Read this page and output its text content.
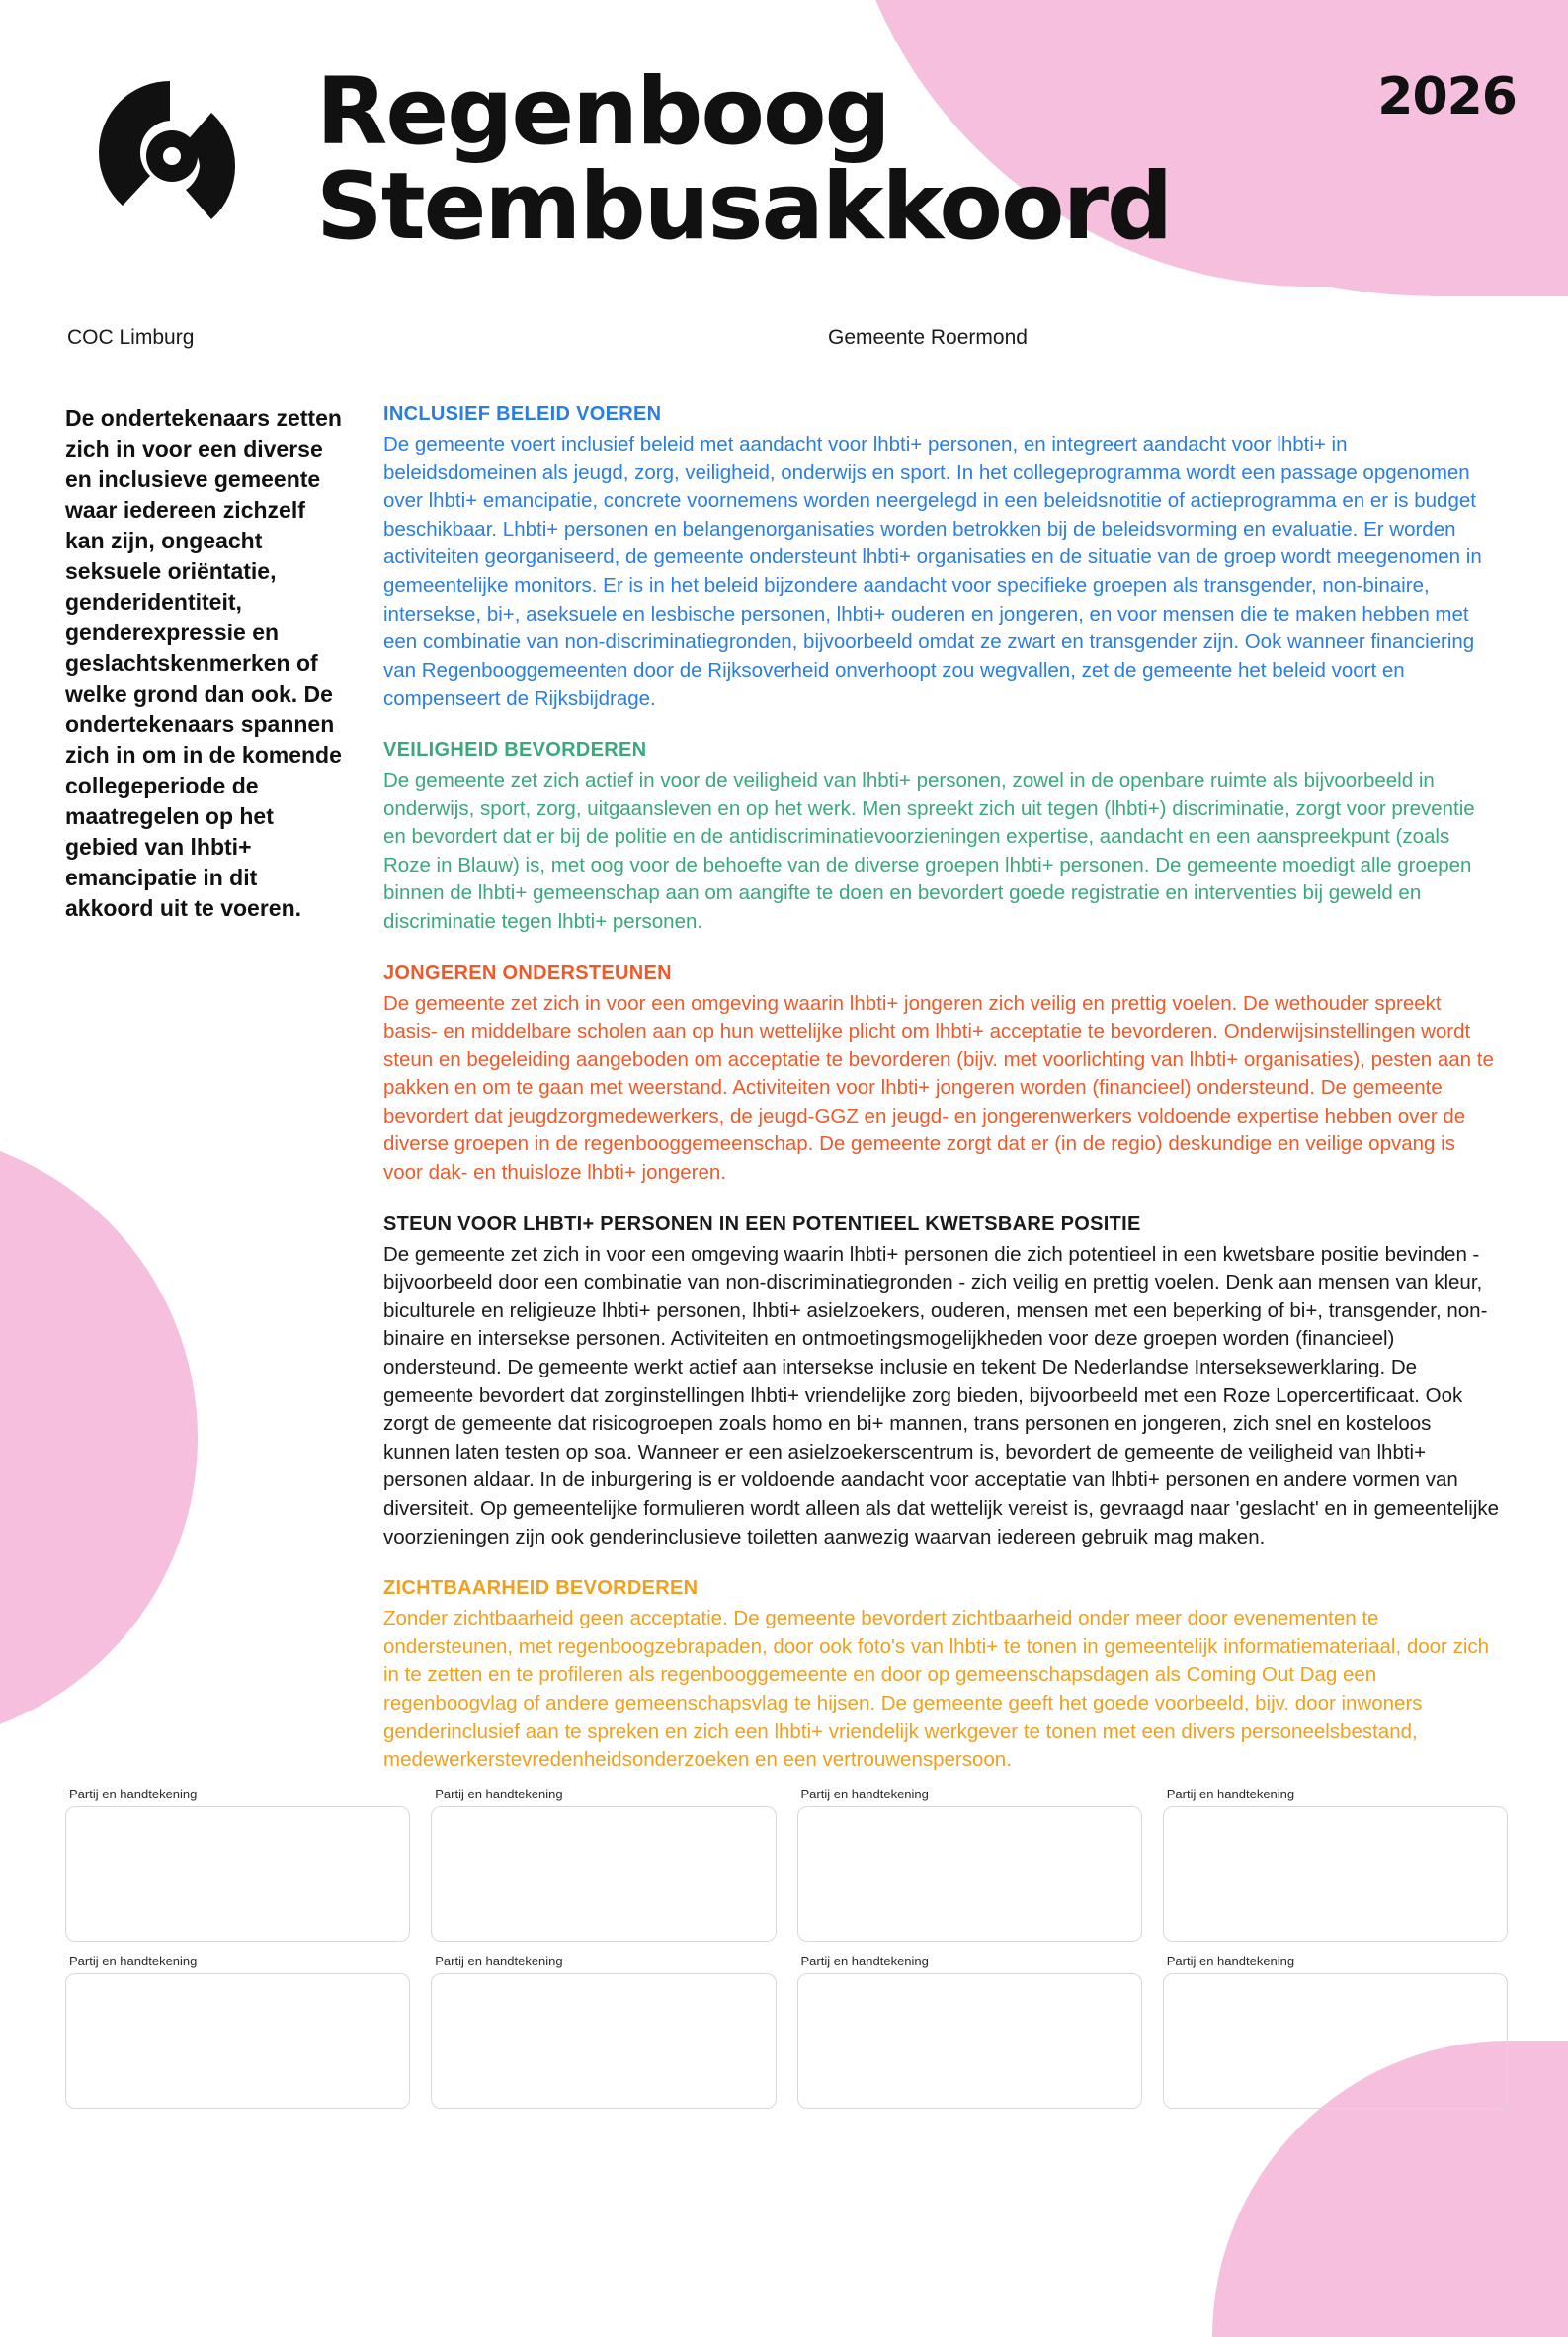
Regenboog
Stembusakkoord
2026
COC Limburg	Gemeente Roermond
De ondertekenaars zetten zich in voor een diverse en inclusieve gemeente waar iedereen zichzelf kan zijn, ongeacht seksuele oriëntatie, genderidentiteit, genderexpressie en geslachtskenmerken of welke grond dan ook. De ondertekenaars spannen zich in om in de komende collegeperiode de maatregelen op het gebied van lhbti+ emancipatie in dit akkoord uit te voeren.
INCLUSIEF BELEID VOEREN
De gemeente voert inclusief beleid met aandacht voor lhbti+ personen, en integreert aandacht voor lhbti+ in beleidsdomeinen als jeugd, zorg, veiligheid, onderwijs en sport. In het collegeprogramma wordt een passage opgenomen over lhbti+ emancipatie, concrete voornemens worden neergelegd in een beleidsnotitie of actieprogramma en er is budget beschikbaar. Lhbti+ personen en belangenorganisaties worden betrokken bij de beleidsvorming en evaluatie. Er worden activiteiten georganiseerd, de gemeente ondersteunt lhbti+ organisaties en de situatie van de groep wordt meegenomen in gemeentelijke monitors. Er is in het beleid bijzondere aandacht voor specifieke groepen als transgender, non-binaire, intersekse, bi+, aseksuele en lesbische personen, lhbti+ ouderen en jongeren, en voor mensen die te maken hebben met een combinatie van non-discriminatiegronden, bijvoorbeeld omdat ze zwart en transgender zijn. Ook wanneer financiering van Regenbooggemeenten door de Rijksoverheid onverhoopt zou wegvallen, zet de gemeente het beleid voort en compenseert de Rijksbijdrage.
VEILIGHEID BEVORDEREN
De gemeente zet zich actief in voor de veiligheid van lhbti+ personen, zowel in de openbare ruimte als bijvoorbeeld in onderwijs, sport, zorg, uitgaansleven en op het werk. Men spreekt zich uit tegen (lhbti+) discriminatie, zorgt voor preventie en bevordert dat er bij de politie en de antidiscriminatievoorzieningen expertise, aandacht en een aanspreekpunt (zoals Roze in Blauw) is, met oog voor de behoefte van de diverse groepen lhbti+ personen. De gemeente moedigt alle groepen binnen de lhbti+ gemeenschap aan om aangifte te doen en bevordert goede registratie en interventies bij geweld en discriminatie tegen lhbti+ personen.
JONGEREN ONDERSTEUNEN
De gemeente zet zich in voor een omgeving waarin lhbti+ jongeren zich veilig en prettig voelen. De wethouder spreekt basis- en middelbare scholen aan op hun wettelijke plicht om lhbti+ acceptatie te bevorderen. Onderwijsinstellingen wordt steun en begeleiding aangeboden om acceptatie te bevorderen (bijv. met voorlichting van lhbti+ organisaties), pesten aan te pakken en om te gaan met weerstand. Activiteiten voor lhbti+ jongeren worden (financieel) ondersteund. De gemeente bevordert dat jeugdzorgmedewerkers, de jeugd-GGZ en jeugd- en jongerenwerkers voldoende expertise hebben over de diverse groepen in de regenbooggemeenschap. De gemeente zorgt dat er (in de regio) deskundige en veilige opvang is voor dak- en thuisloze lhbti+ jongeren.
STEUN VOOR LHBTI+ PERSONEN IN EEN POTENTIEEL KWETSBARE POSITIE
De gemeente zet zich in voor een omgeving waarin lhbti+ personen die zich potentieel in een kwetsbare positie bevinden - bijvoorbeeld door een combinatie van non-discriminatiegronden - zich veilig en prettig voelen. Denk aan mensen van kleur, biculturele en religieuze lhbti+ personen, lhbti+ asielzoekers, ouderen, mensen met een beperking of bi+, transgender, non-binaire en intersekse personen. Activiteiten en ontmoetingsmogelijkheden voor deze groepen worden (financieel) ondersteund. De gemeente werkt actief aan intersekse inclusie en tekent De Nederlandse Interseksewerklaring. De gemeente bevordert dat zorginstellingen lhbti+ vriendelijke zorg bieden, bijvoorbeeld met een Roze Lopercertificaat. Ook zorgt de gemeente dat risicogroepen zoals homo en bi+ mannen, trans personen en jongeren, zich snel en kosteloos kunnen laten testen op soa. Wanneer er een asielzoekerscentrum is, bevordert de gemeente de veiligheid van lhbti+ personen aldaar. In de inburgering is er voldoende aandacht voor acceptatie van lhbti+ personen en andere vormen van diversiteit. Op gemeentelijke formulieren wordt alleen als dat wettelijk vereist is, gevraagd naar 'geslacht' en in gemeentelijke voorzieningen zijn ook genderinclusieve toiletten aanwezig waarvan iedereen gebruik mag maken.
ZICHTBAARHEID BEVORDEREN
Zonder zichtbaarheid geen acceptatie. De gemeente bevordert zichtbaarheid onder meer door evenementen te ondersteunen, met regenboogzebrapaden, door ook foto's van lhbti+ te tonen in gemeentelijk informatiemateriaal, door zich in te zetten en te profileren als regenbooggemeente en door op gemeenschapsdagen als Coming Out Dag een regenboogvlag of andere gemeenschapsvlag te hijsen. De gemeente geeft het goede voorbeeld, bijv. door inwoners genderinclusief aan te spreken en zich een lhbti+ vriendelijk werkgever te tonen met een divers personeelsbestand, medewerkerstevredenheidsonderzoeken en een vertrouwenspersoon.
Partij en handtekening	Partij en handtekening	Partij en handtekening	Partij en handtekening
Partij en handtekening	Partij en handtekening	Partij en handtekening	Partij en handtekening
